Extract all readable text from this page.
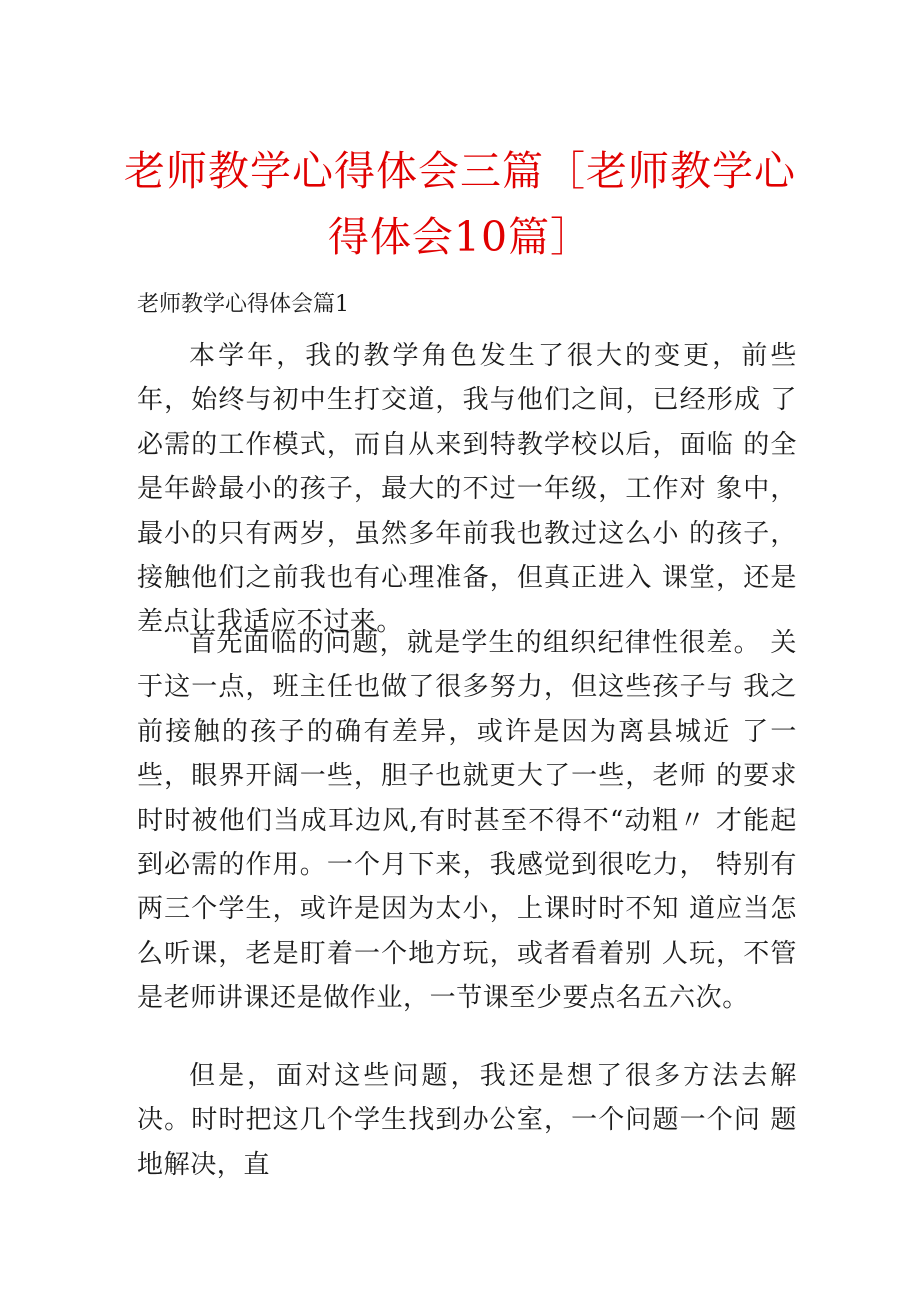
老师教学心得体会三篇［老师教学心得体会10篇］
老师教学心得体会篇1

本学年，我的教学角色发生了很大的变更，前些 年，始终与初中生打交道，我与他们之间，已经形成 了必需的工作模式，而自从来到特教学校以后，面临 的全是年龄最小的孩子，最大的不过一年级，工作对 象中，最小的只有两岁，虽然多年前我也教过这么小 的孩子，接触他们之前我也有心理准备，但真正进入 课堂，还是差点让我适应不过来。

首先面临的问题，就是学生的组织纪律性很差。 关于这一点，班主任也做了很多努力，但这些孩子与 我之前接触的孩子的确有差异，或许是因为离县城近 了一些，眼界开阔一些，胆子也就更大了一些，老师 的要求时时被他们当成耳边风,有时甚至不得不“动粗〃 才能起到必需的作用。一个月下来，我感觉到很吃力， 特别有两三个学生，或许是因为太小，上课时时不知 道应当怎么听课，老是盯着一个地方玩，或者看着别 人玩，不管是老师讲课还是做作业，一节课至少要点名五六次。

但是，面对这些问题，我还是想了很多方法去解 决。时时把这几个学生找到办公室，一个问题一个问 题地解决，直
